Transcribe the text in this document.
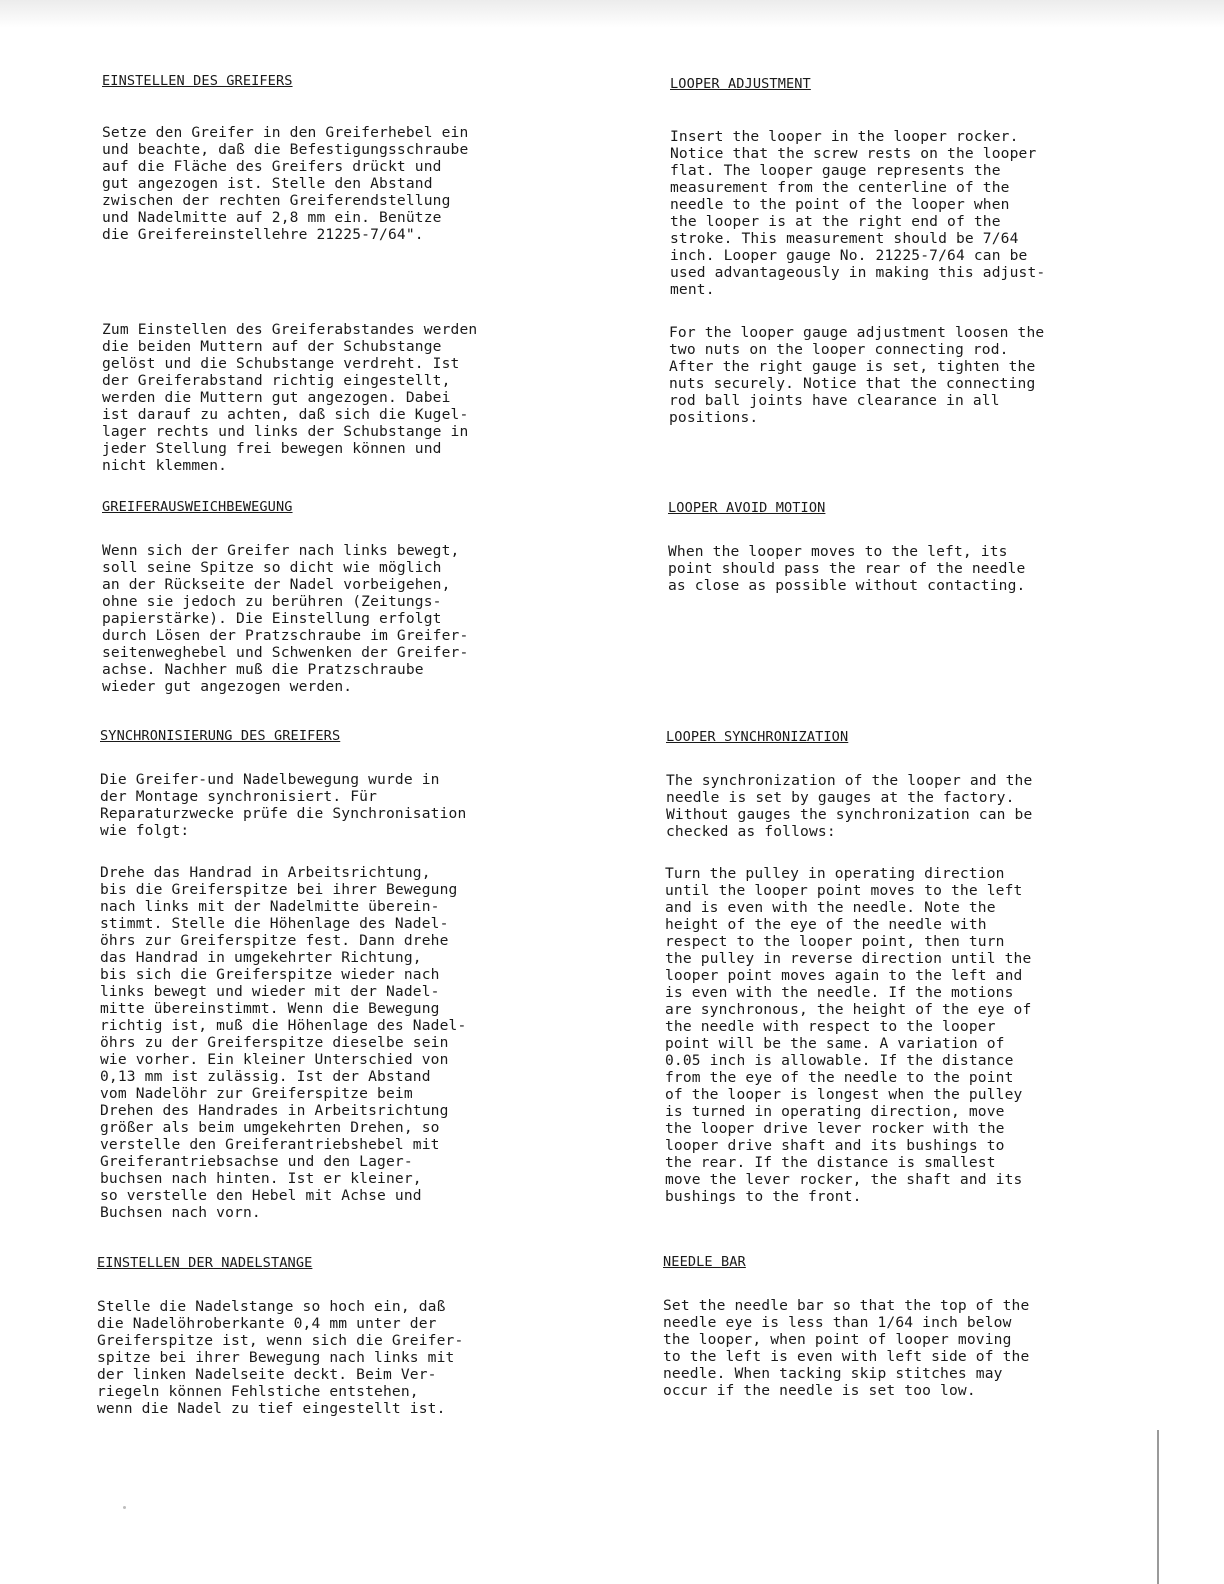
EINSTELLEN DES GREIFERS
Setze den Greifer in den Greiferhebel ein
und beachte, daß die Befestigungsschraube
auf die Fläche des Greifers drückt und
gut angezogen ist. Stelle den Abstand
zwischen der rechten Greiferendstellung
und Nadelmitte auf 2,8 mm ein. Benütze
die Greifereinstellehre 21225-7/64".
Zum Einstellen des Greiferabstandes werden
die beiden Muttern auf der Schubstange
gelöst und die Schubstange verdreht. Ist
der Greiferabstand richtig eingestellt,
werden die Muttern gut angezogen. Dabei
ist darauf zu achten, daß sich die Kugel-
lager rechts und links der Schubstange in
jeder Stellung frei bewegen können und
nicht klemmen.
GREIFERAUSWEICHBEWEGUNG
Wenn sich der Greifer nach links bewegt,
soll seine Spitze so dicht wie möglich
an der Rückseite der Nadel vorbeigehen,
ohne sie jedoch zu berühren (Zeitungs-
papierstärke). Die Einstellung erfolgt
durch Lösen der Pratzschraube im Greifer-
seitenweghebel und Schwenken der Greifer-
achse. Nachher muß die Pratzschraube
wieder gut angezogen werden.
SYNCHRONISIERUNG DES GREIFERS
Die Greifer-und Nadelbewegung wurde in
der Montage synchronisiert. Für
Reparaturzwecke prüfe die Synchronisation
wie folgt:
Drehe das Handrad in Arbeitsrichtung,
bis die Greiferspitze bei ihrer Bewegung
nach links mit der Nadelmitte überein-
stimmt. Stelle die Höhenlage des Nadel-
öhrs zur Greiferspitze fest. Dann drehe
das Handrad in umgekehrter Richtung,
bis sich die Greiferspitze wieder nach
links bewegt und wieder mit der Nadel-
mitte übereinstimmt. Wenn die Bewegung
richtig ist, muß die Höhenlage des Nadel-
öhrs zu der Greiferspitze dieselbe sein
wie vorher. Ein kleiner Unterschied von
0,13 mm ist zulässig. Ist der Abstand
vom Nadelöhr zur Greiferspitze beim
Drehen des Handrades in Arbeitsrichtung
größer als beim umgekehrten Drehen, so
verstelle den Greiferantriebshebel mit
Greiferantriebsachse und den Lager-
buchsen nach hinten. Ist er kleiner,
so verstelle den Hebel mit Achse und
Buchsen nach vorn.
EINSTELLEN DER NADELSTANGE
Stelle die Nadelstange so hoch ein, daß
die Nadelöhroberkante 0,4 mm unter der
Greiferspitze ist, wenn sich die Greifer-
spitze bei ihrer Bewegung nach links mit
der linken Nadelseite deckt. Beim Ver-
riegeln können Fehlstiche entstehen,
wenn die Nadel zu tief eingestellt ist.
LOOPER ADJUSTMENT
Insert the looper in the looper rocker.
Notice that the screw rests on the looper
flat. The looper gauge represents the
measurement from the centerline of the
needle to the point of the looper when
the looper is at the right end of the
stroke. This measurement should be 7/64
inch. Looper gauge No. 21225-7/64 can be
used advantageously in making this adjust-
ment.
For the looper gauge adjustment loosen the
two nuts on the looper connecting rod.
After the right gauge is set, tighten the
nuts securely. Notice that the connecting
rod ball joints have clearance in all
positions.
LOOPER AVOID MOTION
When the looper moves to the left, its
point should pass the rear of the needle
as close as possible without contacting.
LOOPER SYNCHRONIZATION
The synchronization of the looper and the
needle is set by gauges at the factory.
Without gauges the synchronization can be
checked as follows:
Turn the pulley in operating direction
until the looper point moves to the left
and is even with the needle. Note the
height of the eye of the needle with
respect to the looper point, then turn
the pulley in reverse direction until the
looper point moves again to the left and
is even with the needle. If the motions
are synchronous, the height of the eye of
the needle with respect to the looper
point will be the same. A variation of
0.05 inch is allowable. If the distance
from the eye of the needle to the point
of the looper is longest when the pulley
is turned in operating direction, move
the looper drive lever rocker with the
looper drive shaft and its bushings to
the rear. If the distance is smallest
move the lever rocker, the shaft and its
bushings to the front.
NEEDLE BAR
Set the needle bar so that the top of the
needle eye is less than 1/64 inch below
the looper, when point of looper moving
to the left is even with left side of the
needle. When tacking skip stitches may
occur if the needle is set too low.
